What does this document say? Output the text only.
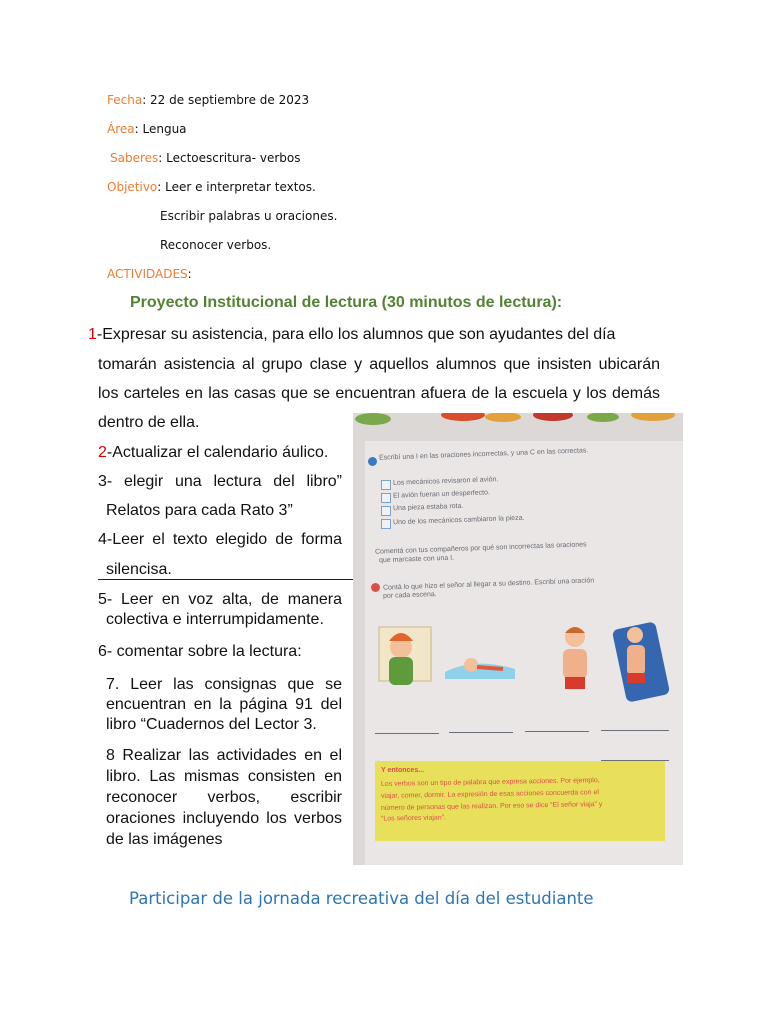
Fecha: 22 de septiembre de 2023
Área: Lengua
Saberes: Lectoescritura- verbos
Objetivo: Leer e interpretar textos.
Escribir palabras u oraciones.
Reconocer verbos.
ACTIVIDADES:
Proyecto Institucional de lectura (30 minutos de lectura):
1-Expresar su asistencia, para ello los alumnos que son ayudantes del día
tomarán asistencia al grupo clase y aquellos alumnos que insisten ubicarán
los carteles en las casas que se encuentran afuera de la escuela y los demás
dentro de ella.
2-Actualizar el calendario áulico.
3- elegir una lectura del libro”
Relatos para cada Rato 3”
4-Leer el texto elegido de forma
silencisa.
5- Leer en voz alta, de manera
colectiva e interrumpidamente.
6- comentar sobre la lectura:
7. Leer las consignas que se
encuentran en la página 91 del
libro “Cuadernos del Lector 3.
8 Realizar las actividades en el
libro. Las mismas consisten en
reconocer verbos, escribir
oraciones incluyendo los verbos
de las imágenes
Escribí una I en las oraciones incorrectas, y una C en las correctas.
Los mecánicos revisaron el avión.
El avión fueran un desperfecto.
Una pieza estaba rota.
Uno de los mecánicos cambiaron la pieza.
Comentá con tus compañeros por qué son incorrectas las oraciones
que marcaste con una I.
Contá lo que hizo el señor al llegar a su destino. Escribí una oración
por cada escena.
Y entonces...
Los verbos son un tipo de palabra que expresa acciones. Por ejemplo,
viajar, comer, dormir. La expresión de esas acciones concuerda con el
número de personas que las realizan. Por eso se dice “El señor viaja” y
“Los señores viajan”.
Participar de la jornada recreativa del día del estudiante
